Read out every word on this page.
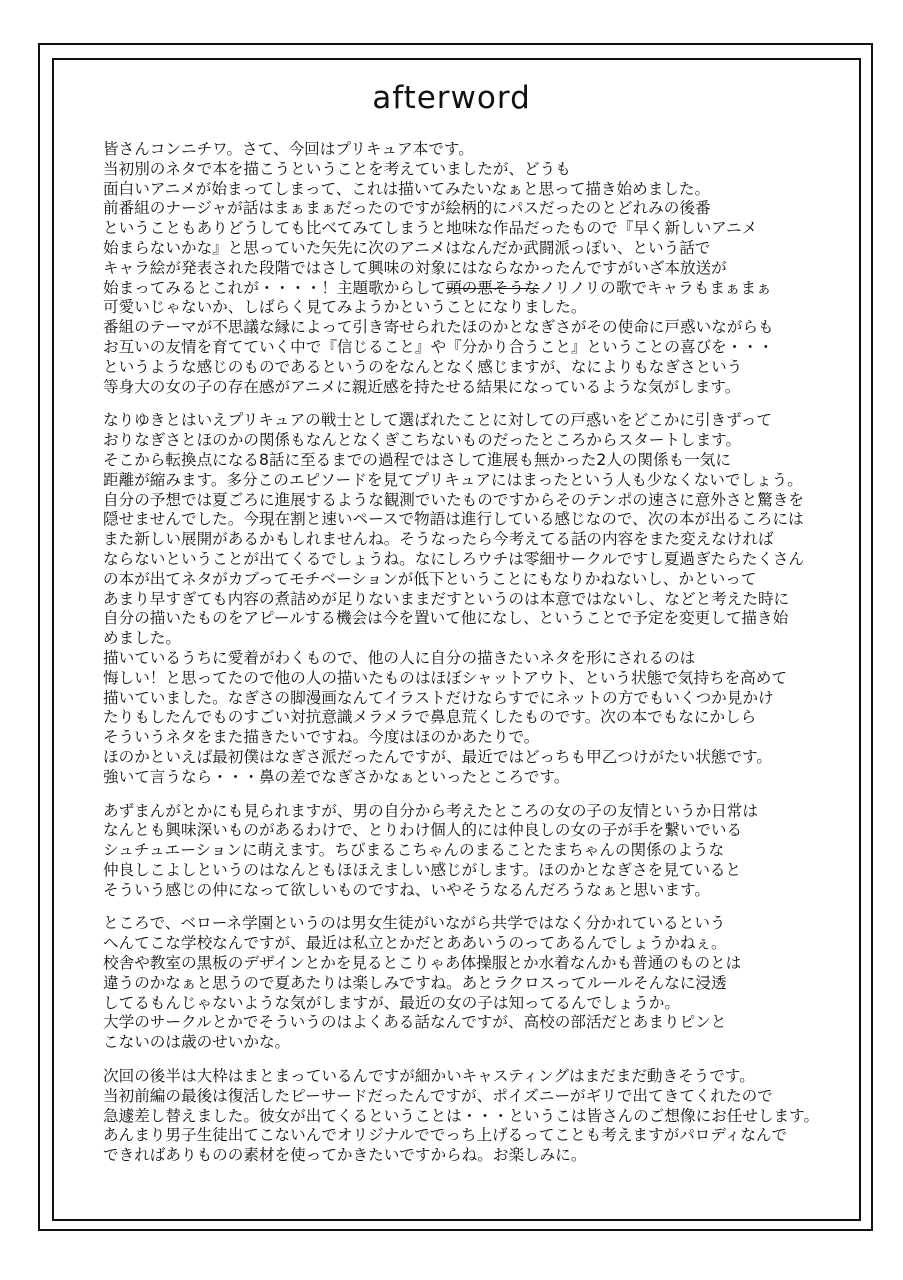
afterword
皆さんコンニチワ。さて、今回はプリキュア本です。
当初別のネタで本を描こうということを考えていましたが、どうも
面白いアニメが始まってしまって、これは描いてみたいなぁと思って描き始めました。
前番組のナージャが話はまぁまぁだったのですが絵柄的にパスだったのとどれみの後番
ということもありどうしても比べてみてしまうと地味な作品だったもので『早く新しいアニメ
始まらないかな』と思っていた矢先に次のアニメはなんだか武闘派っぽい、という話で
キャラ絵が発表された段階ではさして興味の対象にはならなかったんですがいざ本放送が
始まってみるとこれが・・・・！主題歌からして頭の悪そうなノリノリの歌でキャラもまぁまぁ
可愛いじゃないか、しばらく見てみようかということになりました。
番組のテーマが不思議な縁によって引き寄せられたほのかとなぎさがその使命に戸惑いながらも
お互いの友情を育てていく中で『信じること』や『分かり合うこと』ということの喜びを・・・
というような感じのものであるというのをなんとなく感じますが、なによりもなぎさという
等身大の女の子の存在感がアニメに親近感を持たせる結果になっているような気がします。
なりゆきとはいえプリキュアの戦士として選ばれたことに対しての戸惑いをどこかに引きずって
おりなぎさとほのかの関係もなんとなくぎこちないものだったところからスタートします。
そこから転換点になる8話に至るまでの過程ではさして進展も無かった2人の関係も一気に
距離が縮みます。多分このエピソードを見てプリキュアにはまったという人も少なくないでしょう。
自分の予想では夏ごろに進展するような観測でいたものですからそのテンポの速さに意外さと驚きを
隠せませんでした。今現在割と速いペースで物語は進行している感じなので、次の本が出るころには
また新しい展開があるかもしれませんね。そうなったら今考えてる話の内容をまた変えなければ
ならないということが出てくるでしょうね。なにしろウチは零細サークルですし夏過ぎたらたくさん
の本が出てネタがカブってモチベーションが低下ということにもなりかねないし、かといって
あまり早すぎても内容の煮詰めが足りないままだすというのは本意ではないし、などと考えた時に
自分の描いたものをアピールする機会は今を置いて他になし、ということで予定を変更して描き始
めました。
描いているうちに愛着がわくもので、他の人に自分の描きたいネタを形にされるのは
悔しい！と思ってたので他の人の描いたものはほぼシャットアウト、という状態で気持ちを高めて
描いていました。なぎさの脚漫画なんてイラストだけならすでにネットの方でもいくつか見かけ
たりもしたんでものすごい対抗意識メラメラで鼻息荒くしたものです。次の本でもなにかしら
そういうネタをまた描きたいですね。今度はほのかあたりで。
ほのかといえば最初僕はなぎさ派だったんですが、最近ではどっちも甲乙つけがたい状態です。
強いて言うなら・・・鼻の差でなぎさかなぁといったところです。
あずまんがとかにも見られますが、男の自分から考えたところの女の子の友情というか日常は
なんとも興味深いものがあるわけで、とりわけ個人的には仲良しの女の子が手を繋いでいる
シュチュエーションに萌えます。ちびまるこちゃんのまることたまちゃんの関係のような
仲良しこよしというのはなんともほほえましい感じがします。ほのかとなぎさを見ていると
そういう感じの仲になって欲しいものですね、いやそうなるんだろうなぁと思います。
ところで、ベローネ学園というのは男女生徒がいながら共学ではなく分かれているという
へんてこな学校なんですが、最近は私立とかだとああいうのってあるんでしょうかねぇ。
校舎や教室の黒板のデザインとかを見るとこりゃあ体操服とか水着なんかも普通のものとは
違うのかなぁと思うので夏あたりは楽しみですね。あとラクロスってルールそんなに浸透
してるもんじゃないような気がしますが、最近の女の子は知ってるんでしょうか。
大学のサークルとかでそういうのはよくある話なんですが、高校の部活だとあまりピンと
こないのは歳のせいかな。
次回の後半は大枠はまとまっているんですが細かいキャスティングはまだまだ動きそうです。
当初前編の最後は復活したピーサードだったんですが、ポイズニーがギリで出てきてくれたので
急遽差し替えました。彼女が出てくるということは・・・というこは皆さんのご想像にお任せします。
あんまり男子生徒出てこないんでオリジナルででっち上げるってことも考えますがパロディなんで
できればありものの素材を使ってかきたいですからね。お楽しみに。
